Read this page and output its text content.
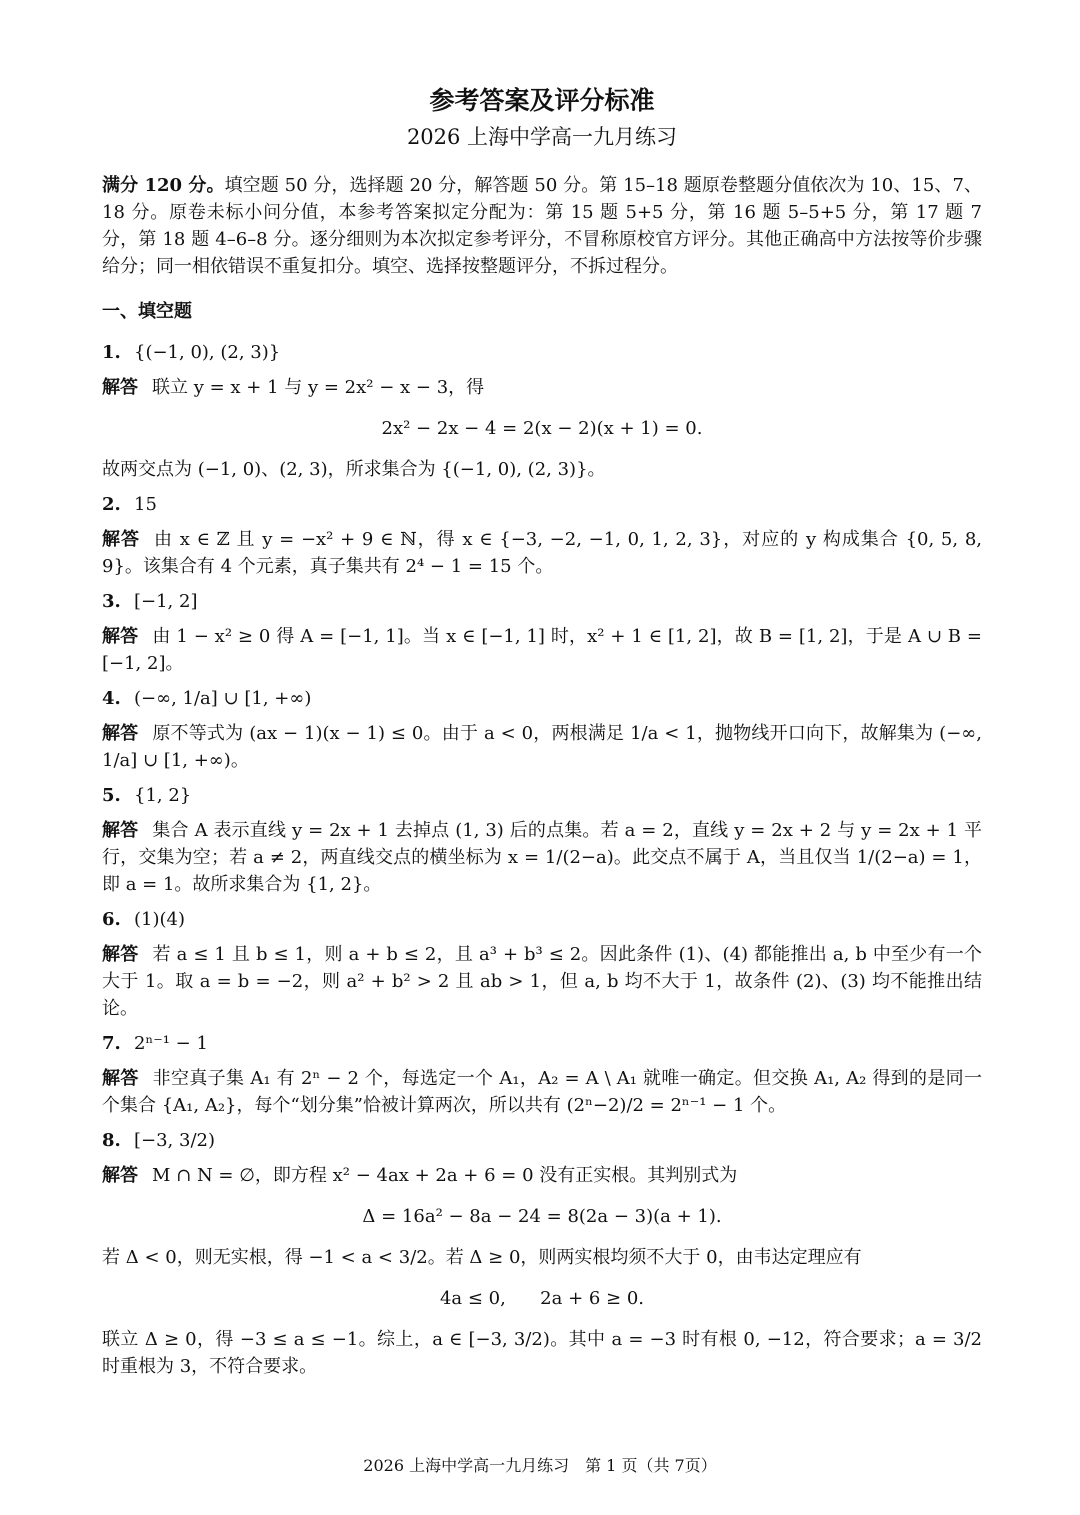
参考答案及评分标准
2026 上海中学高一九月练习

满分 120 分。填空题 50 分，选择题 20 分，解答题 50 分。第 15–18 题原卷整题分值依次为 10、15、7、18 分。原卷未标小问分值，本参考答案拟定分配为：第 15 题 5+5 分，第 16 题 5–5+5 分，第 17 题 7 分，第 18 题 4–6–8 分。逐分细则为本次拟定参考评分，不冒称原校官方评分。其他正确高中方法按等价步骤给分；同一相依错误不重复扣分。填空、选择按整题评分，不拆过程分。

一、填空题
1. {(−1, 0), (2, 3)}
解答 联立 y = x + 1 与 y = 2x² − x − 3，得
2x² − 2x − 4 = 2(x − 2)(x + 1) = 0.
故两交点为 (−1, 0)、(2, 3)，所求集合为 {(−1, 0), (2, 3)}。
2. 15
解答 由 x ∈ ℤ 且 y = −x² + 9 ∈ ℕ，得 x ∈ {−3, −2, −1, 0, 1, 2, 3}，对应的 y 构成集合 {0, 5, 8, 9}。该集合有 4 个元素，真子集共有 2⁴ − 1 = 15 个。
3. [−1, 2]
解答 由 1 − x² ≥ 0 得 A = [−1, 1]。当 x ∈ [−1, 1] 时，x² + 1 ∈ [1, 2]，故 B = [1, 2]，于是 A ∪ B = [−1, 2]。
4. (−∞, 1/a] ∪ [1, +∞)
解答 原不等式为 (ax − 1)(x − 1) ≤ 0。由于 a < 0，两根满足 1/a < 1，抛物线开口向下，故解集为 (−∞, 1/a] ∪ [1, +∞)。
5. {1, 2}
解答 集合 A 表示直线 y = 2x + 1 去掉点 (1, 3) 后的点集。若 a = 2，直线 y = 2x + 2 与 y = 2x + 1 平行，交集为空；若 a ≠ 2，两直线交点的横坐标为 x = 1/(2−a)。此交点不属于 A，当且仅当 1/(2−a) = 1，即 a = 1。故所求集合为 {1, 2}。
6. (1)(4)
解答 若 a ≤ 1 且 b ≤ 1，则 a + b ≤ 2，且 a³ + b³ ≤ 2。因此条件 (1)、(4) 都能推出 a, b 中至少有一个大于 1。取 a = b = −2，则 a² + b² > 2 且 ab > 1，但 a, b 均不大于 1，故条件 (2)、(3) 均不能推出结论。
7. 2ⁿ⁻¹ − 1
解答 非空真子集 A₁ 有 2ⁿ − 2 个，每选定一个 A₁，A₂ = A \ A₁ 就唯一确定。但交换 A₁, A₂ 得到的是同一个集合 {A₁, A₂}，每个“划分集”恰被计算两次，所以共有 (2ⁿ−2)/2 = 2ⁿ⁻¹ − 1 个。
8. [−3, 3/2)
解答 M ∩ N = ∅，即方程 x² − 4ax + 2a + 6 = 0 没有正实根。其判别式为
Δ = 16a² − 8a − 24 = 8(2a − 3)(a + 1).
若 Δ < 0，则无实根，得 −1 < a < 3/2。若 Δ ≥ 0，则两实根均须不大于 0，由韦达定理应有
4a ≤ 0,      2a + 6 ≥ 0.
联立 Δ ≥ 0，得 −3 ≤ a ≤ −1。综上，a ∈ [−3, 3/2)。其中 a = −3 时有根 0, −12，符合要求；a = 3/2 时重根为 3，不符合要求。
2026 上海中学高一九月练习　第 1 页（共 7页）
